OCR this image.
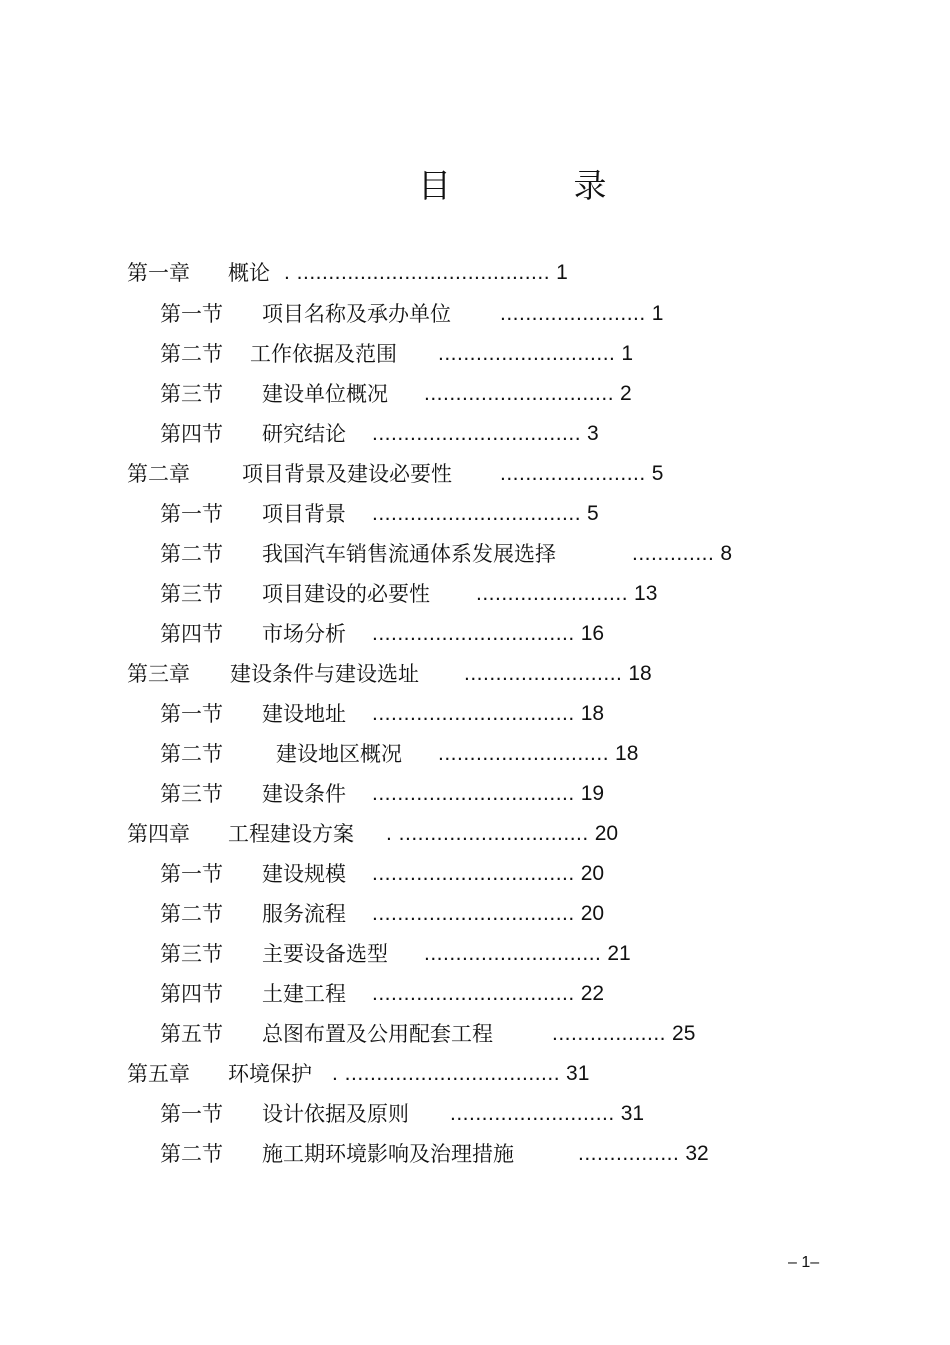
目 录
第一章 概论 . ........................................ 1
第一节 项目名称及承办单位 ....................... 1
第二节 工作依据及范围 ............................ 1
第三节 建设单位概况 .............................. 2
第四节 研究结论 ................................. 3
第二章 项目背景及建设必要性 ....................... 5
第一节 项目背景 ................................. 5
第二节 我国汽车销售流通体系发展选择	............. 8
第三节 项目建设的必要性 ........................ 13
第四节 市场分析 ................................ 16
第三章 建设条件与建设选址 ......................... 18
第一节 建设地址 ................................ 18
第二节	建设地区概况 ........................... 18
第三节 建设条件 ................................ 19
第四章 工程建设方案 . .............................. 20
第一节 建设规模 ................................ 20
第二节 服务流程 ................................ 20
第三节 主要设备选型 ............................ 21
第四节 土建工程 ................................ 22
第五节 总图布置及公用配套工程	.................. 25
第五章 环境保护 . .................................. 31
第一节 设计依据及原则 .......................... 31
第二节 施工期环境影响及治理措施	................ 32
– 1–
